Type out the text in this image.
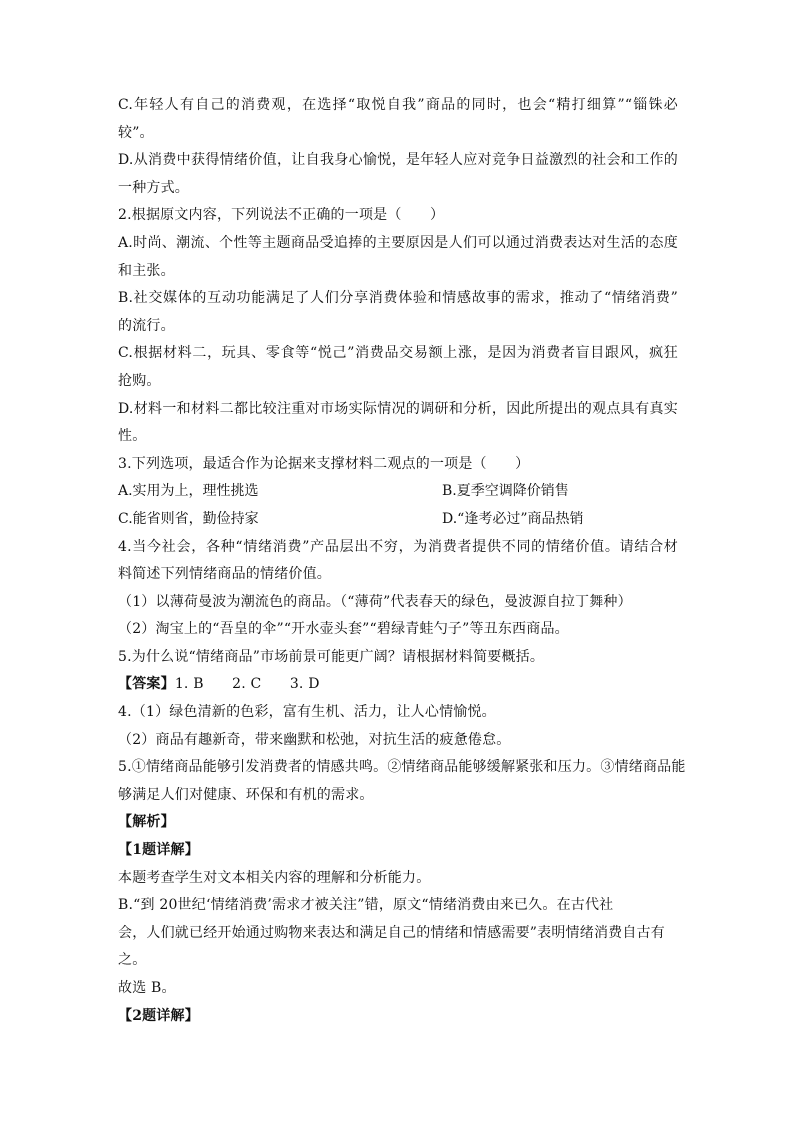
C.年轻人有自己的消费观，在选择“取悦自我”商品的同时，也会“精打细算”“锱铢必
较”。
D.从消费中获得情绪价值，让自我身心愉悦，是年轻人应对竞争日益激烈的社会和工作的
一种方式。
2.根据原文内容，下列说法不正确的一项是（　　）
A.时尚、潮流、个性等主题商品受追捧的主要原因是人们可以通过消费表达对生活的态度
和主张。
B.社交媒体的互动功能满足了人们分享消费体验和情感故事的需求，推动了“情绪消费”
的流行。
C.根据材料二，玩具、零食等“悦己”消费品交易额上涨，是因为消费者盲目跟风，疯狂
抢购。
D.材料一和材料二都比较注重对市场实际情况的调研和分析，因此所提出的观点具有真实
性。
3.下列选项，最适合作为论据来支撑材料二观点的一项是（　　）
A.实用为上，理性挑选	B.夏季空调降价销售
C.能省则省，勤俭持家	D.“逢考必过”商品热销
4.当今社会，各种“情绪消费”产品层出不穷，为消费者提供不同的情绪价值。请结合材
料简述下列情绪商品的情绪价值。
（1）以薄荷曼波为潮流色的商品。（“薄荷”代表春天的绿色，曼波源自拉丁舞种）
（2）淘宝上的“吾皇的伞”“开水壶头套”“碧绿青蛙勺子”等丑东西商品。
5.为什么说“情绪商品”市场前景可能更广阔？请根据材料简要概括。
【答案】1. B　　2. C　　3. D
4.（1）绿色清新的色彩，富有生机、活力，让人心情愉悦。
（2）商品有趣新奇，带来幽默和松弛，对抗生活的疲惫倦怠。
5.①情绪商品能够引发消费者的情感共鸣。②情绪商品能够缓解紧张和压力。③情绪商品能
够满足人们对健康、环保和有机的需求。
【解析】
【1题详解】
本题考查学生对文本相关内容的理解和分析能力。
B.“到 20世纪‘情绪消费’需求才被关注”错，原文“情绪消费由来已久。在古代社
会，人们就已经开始通过购物来表达和满足自己的情绪和情感需要”表明情绪消费自古有
之。
故选 B。
【2题详解】
